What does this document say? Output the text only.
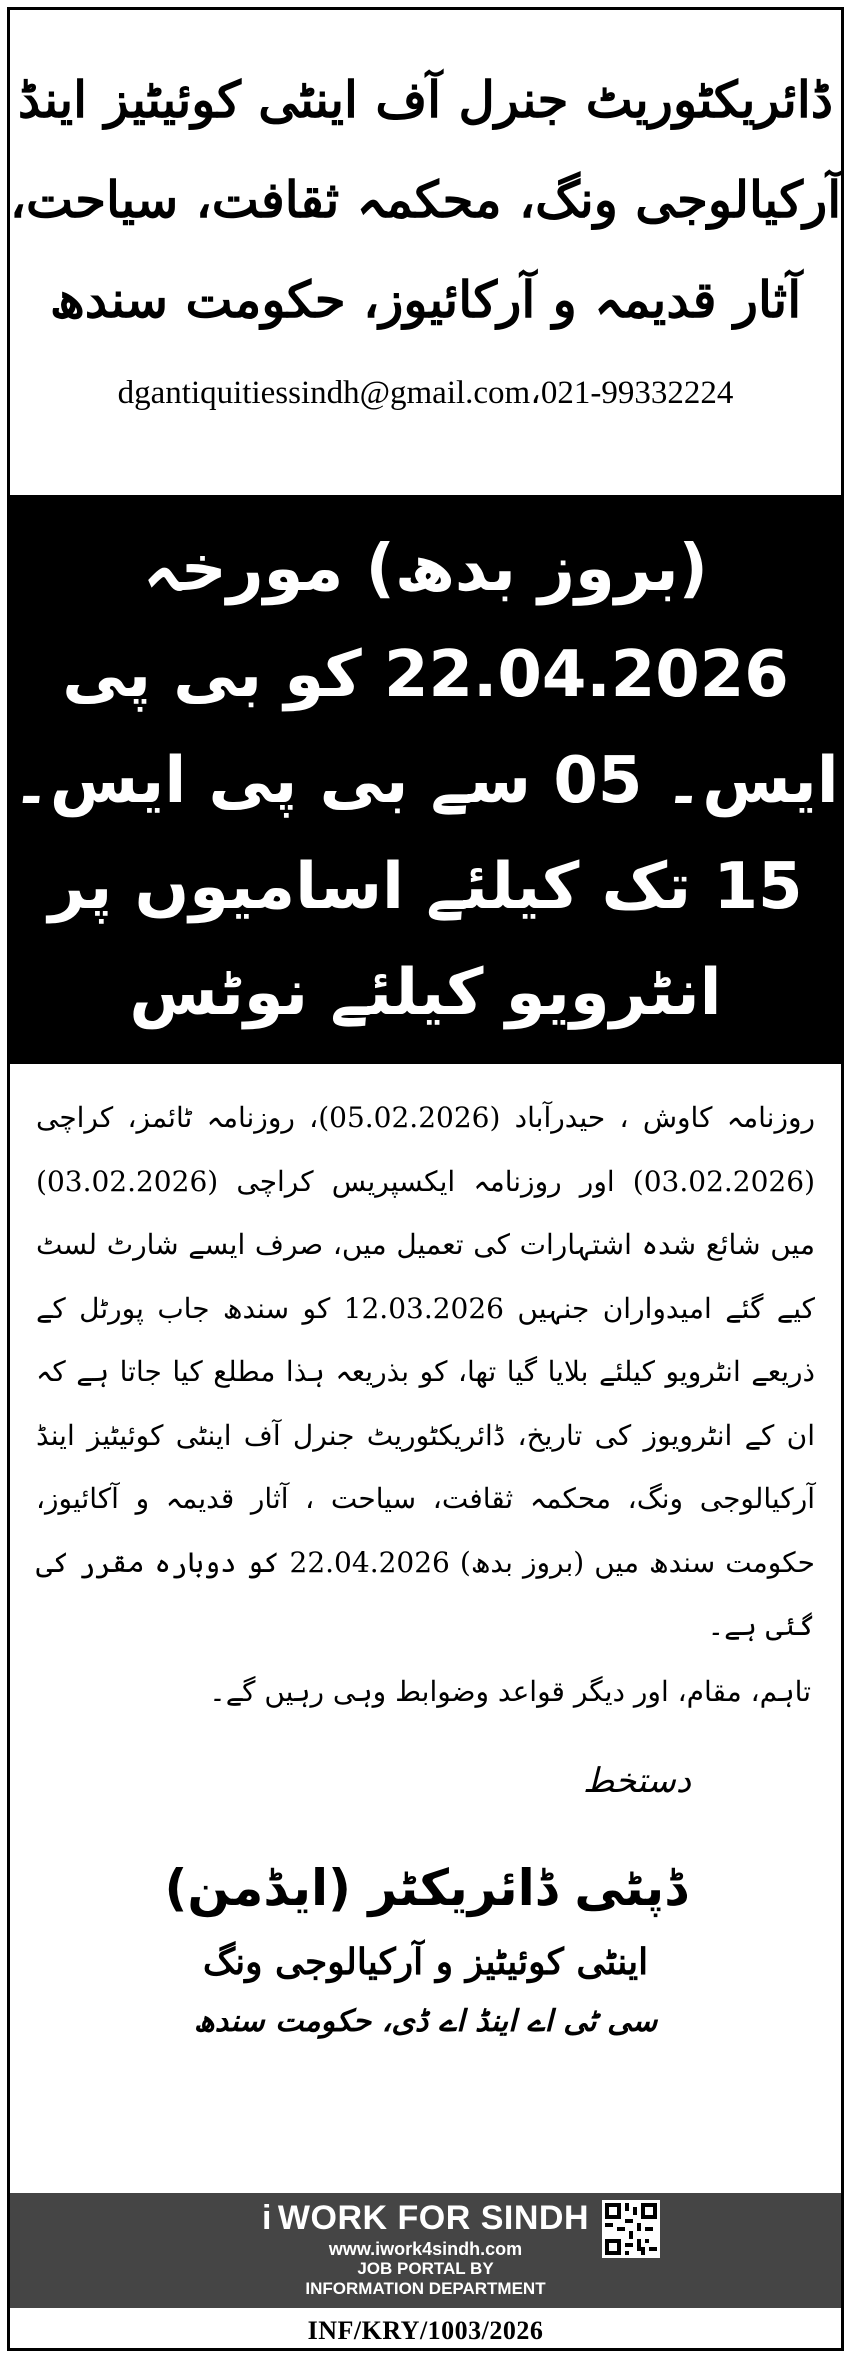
ڈائریکٹوریٹ جنرل آف اینٹی کوئیٹیز اینڈ
آرکیالوجی ونگ، محکمہ ثقافت، سیاحت،
آثار قدیمہ و آرکائیوز، حکومت سندھ
dgantiquitiessindh@gmail.com،021-99332224
(بروز بدھ) مورخہ
22.04.2026 کو بی پی
ایس۔ 05 سے بی پی ایس۔
15 تک کیلئے اسامیوں پر
انٹرویو کیلئے نوٹس

روزنامہ کاوش ، حیدرآباد (05.02.2026)، روزنامہ ٹائمز، کراچی (03.02.2026) اور روزنامہ ایکسپریس کراچی (03.02.2026) میں شائع شدہ اشتہارات کی تعمیل میں، صرف ایسے شارٹ لسٹ کیے گئے امیدواران جنہیں 12.03.2026 کو سندھ جاب پورٹل کے ذریعے انٹرویو کیلئے بلایا گیا تھا، کو بذریعہ ہذا مطلع کیا جاتا ہے کہ ان کے انٹرویوز کی تاریخ، ڈائریکٹوریٹ جنرل آف اینٹی کوئیٹیز اینڈ آرکیالوجی ونگ، محکمہ ثقافت، سیاحت ، آثار قدیمہ و آکائیوز، حکومت سندھ میں (بروز بدھ) 22.04.2026 کو دوبارہ مقرر کی گئی ہے۔

تاہم، مقام، اور دیگر قواعد وضوابط وہی رہیں گے۔
دستخط
ڈپٹی ڈائریکٹر (ایڈمن)
اینٹی کوئیٹیز و آرکیالوجی ونگ
سی ٹی اے اینڈ اے ڈی، حکومت سندھ
i WORK FOR SINDH
www.iwork4sindh.com
JOB PORTAL BY
INFORMATION DEPARTMENT
INF/KRY/1003/2026
